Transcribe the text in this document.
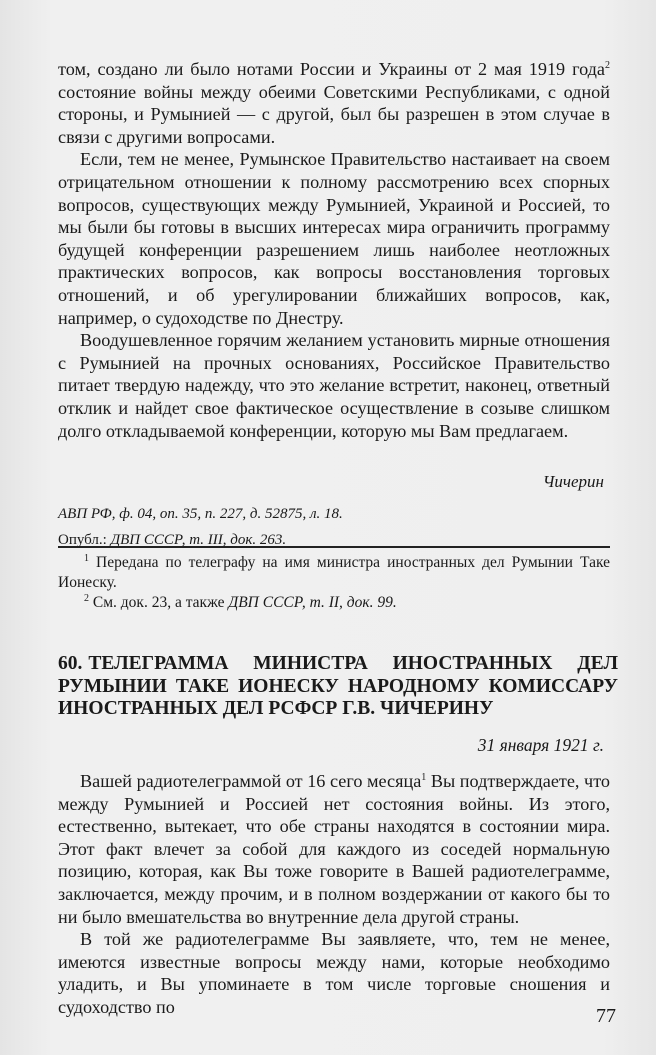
том, создано ли было нотами России и Украины от 2 мая 1919 года$^2$ состояние войны между обеими Советскими Республиками, с одной стороны, и Румынией — с другой, был бы разрешен в этом случае в связи с другими вопросами.

Если, тем не менее, Румынское Правительство настаивает на своем отрицательном отношении к полному рассмотрению всех спорных вопросов, существующих между Румынией, Украиной и Россией, то мы были бы готовы в высших интересах мира ограничить программу будущей конференции разрешением лишь наиболее неотложных практических вопросов, как вопросы восстановления торговых отношений, и об урегулировании ближайших вопросов, как, например, о судоходстве по Днестру.

Воодушевленное горячим желанием установить мирные отношения с Румынией на прочных основаниях, Российское Правительство питает твердую надежду, что это желание встретит, наконец, ответный отклик и найдет свое фактическое осуществление в созыве слишком долго откладываемой конференции, которую мы Вам предлагаем.

Чичерин
АВП РФ, ф. 04, оп. 35, п. 227, д. 52875, л. 18.
Опубл.: ДВП СССР, т. III, док. 263.
$^1$ Передана по телеграфу на имя министра иностранных дел Румынии Таке Ионеску.
$^2$ См. док. 23, а также ДВП СССР, т. II, док. 99.
60. ТЕЛЕГРАММА МИНИСТРА ИНОСТРАННЫХ ДЕЛ РУМЫНИИ ТАКЕ ИОНЕСКУ НАРОДНОМУ КОМИССАРУ ИНОСТРАННЫХ ДЕЛ РСФСР Г.В. ЧИЧЕРИНУ
31 января 1921 г.

Вашей радиотелеграммой от 16 сего месяца$^1$ Вы подтверждаете, что между Румынией и Россией нет состояния войны. Из этого, естественно, вытекает, что обе страны находятся в состоянии мира. Этот факт влечет за собой для каждого из соседей нормальную позицию, которая, как Вы тоже говорите в Вашей радиотелеграмме, заключается, между прочим, и в полном воздержании от какого бы то ни было вмешательства во внутренние дела другой страны.

В той же радиотелеграмме Вы заявляете, что, тем не менее, имеются известные вопросы между нами, которые необходимо уладить, и Вы упоминаете в том числе торговые сношения и судоходство по	77
